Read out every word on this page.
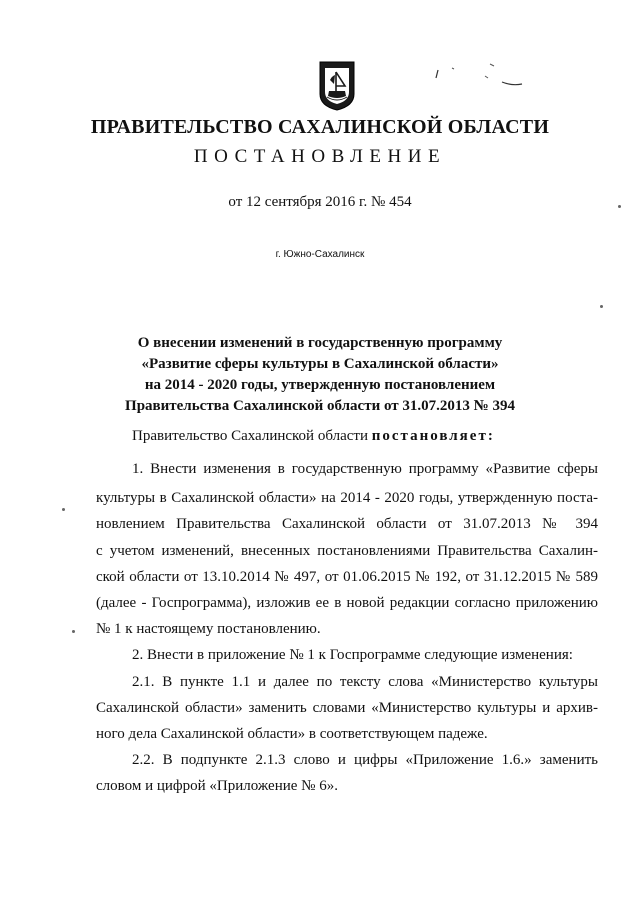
ПРАВИТЕЛЬСТВО САХАЛИНСКОЙ ОБЛАСТИ
ПОСТАНОВЛЕНИЕ
от 12 сентября 2016 г. № 454
г. Южно-Сахалинск
О внесении изменений в государственную программу
«Развитие сферы культуры в Сахалинской области»
на 2014 - 2020 годы, утвержденную постановлением
Правительства Сахалинской области от 31.07.2013 № 394
Правительство Сахалинской области постановляет:
1. Внести изменения в государственную программу «Развитие сферы
культуры в Сахалинской области» на 2014 - 2020 годы, утвержденную поста-
новлением Правительства Сахалинской области от 31.07.2013 № 394
с учетом изменений, внесенных постановлениями Правительства Сахалин-
ской области от 13.10.2014 № 497, от 01.06.2015 № 192, от 31.12.2015 № 589
(далее - Госпрограмма), изложив ее в новой редакции согласно приложению
№ 1 к настоящему постановлению.
2. Внести в приложение № 1 к Госпрограмме следующие изменения:
2.1. В пункте 1.1 и далее по тексту слова «Министерство культуры
Сахалинской области» заменить словами «Министерство культуры и архив-
ного дела Сахалинской области» в соответствующем падеже.
2.2. В подпункте 2.1.3 слово и цифры «Приложение 1.6.» заменить
словом и цифрой «Приложение № 6».
